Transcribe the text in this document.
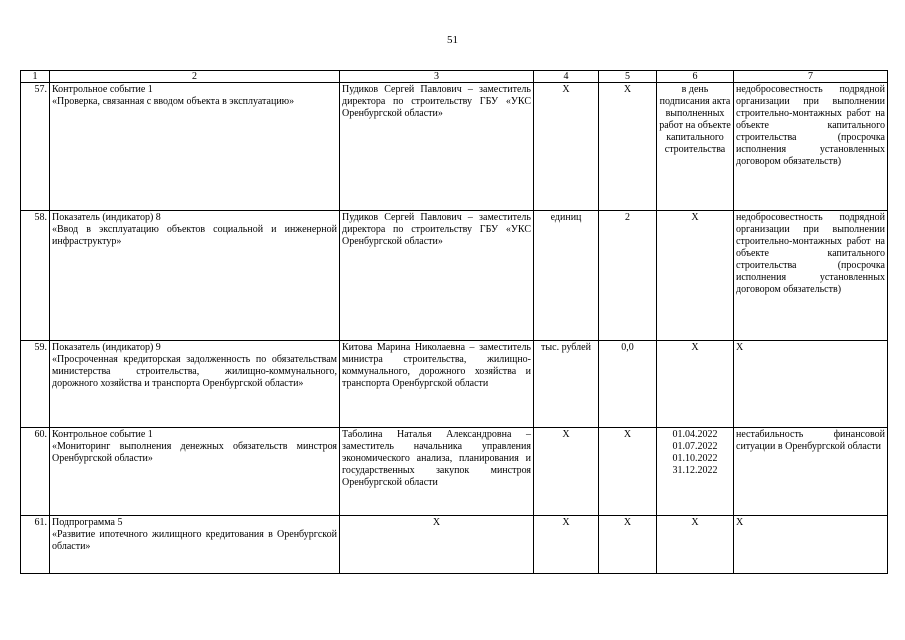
51
1	2	3	4	5	6	7
57.	Контрольное событие 1
«Проверка, связанная с вводом объекта в эксплуатацию»	Пудиков Сергей Павлович – заместитель директора по строительству ГБУ «УКС Оренбургской области»	X	X	в день подписания акта выполненных работ на объекте капитального строительства	недобросовестность подрядной организации при выполнении строительно-монтажных работ на объекте капитального строительства (просрочка исполнения установленных договором обязательств)
58.	Показатель (индикатор) 8
«Ввод в эксплуатацию объектов социальной и инженерной инфраструктур»	Пудиков Сергей Павлович – заместитель директора по строительству ГБУ «УКС Оренбургской области»	единиц	2	X	недобросовестность подрядной организации при выполнении строительно-монтажных работ на объекте капитального строительства (просрочка исполнения установленных договором обязательств)
59.	Показатель (индикатор) 9
«Просроченная кредиторская задолженность по обязательствам министерства строительства, жилищно-коммунального, дорожного хозяйства и транспорта Оренбургской области»	Китова Марина Николаевна – заместитель министра строительства, жилищно-коммунального, дорожного хозяйства и транспорта Оренбургской области	тыс. рублей	0,0	X	X
60.	Контрольное событие 1
«Мониторинг выполнения денежных обязательств минстроя Оренбургской области»	Таболина Наталья Александровна – заместитель начальника управления экономического анализа, планирования и государственных закупок минстроя Оренбургской области	X	X	01.04.2022
01.07.2022
01.10.2022
31.12.2022	нестабильность финансовой ситуации в Оренбургской области
61.	Подпрограмма 5
«Развитие ипотечного жилищного кредитования в Оренбургской области»	X	X	X	X	X
